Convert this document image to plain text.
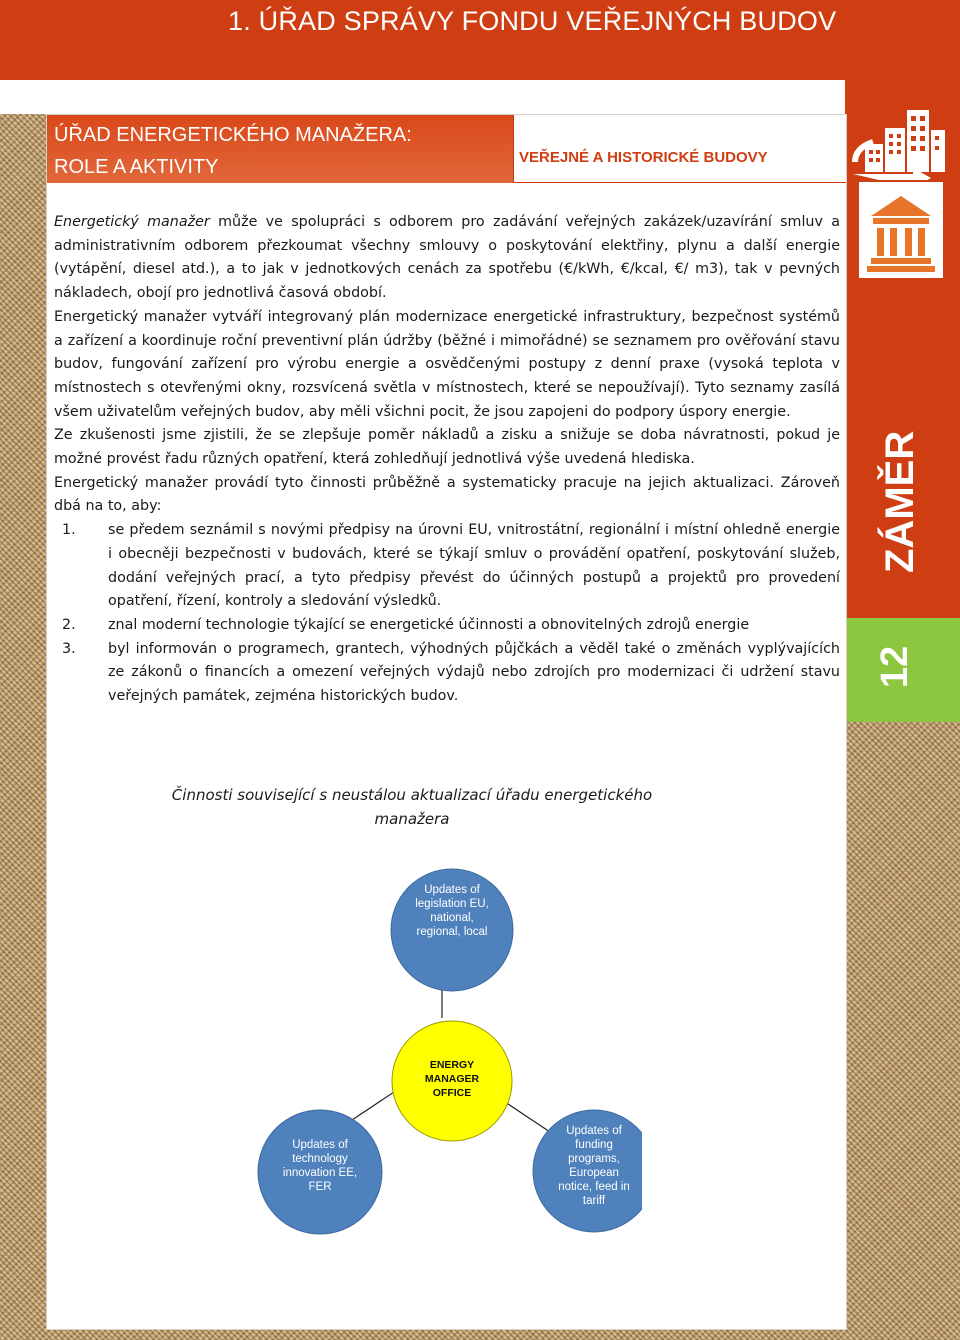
1. ÚŘAD SPRÁVY FONDU VEŘEJNÝCH BUDOV
ZÁMĚR
12
ÚŘAD ENERGETICKÉHO MANAŽERA:
ROLE A AKTIVITY	VEŘEJNÉ A HISTORICKÉ BUDOVY

Energetický manažer může ve spolupráci s odborem pro zadávání veřejných zakázek/uzavírání smluv a administrativním odborem přezkoumat všechny smlouvy o poskytování elektřiny, plynu a další energie (vytápění, diesel atd.), a to jak v jednotkových cenách za spotřebu (€/kWh, €/kcal, €/ m3), tak v pevných nákladech, obojí pro jednotlivá časová období.

Energetický manažer vytváří integrovaný plán modernizace energetické infrastruktury, bezpečnost systémů a zařízení a koordinuje roční preventivní plán údržby (běžné i mimořádné) se seznamem pro ověřování stavu budov, fungování zařízení pro výrobu energie a osvědčenými postupy z denní praxe (vysoká teplota v místnostech s otevřenými okny, rozsvícená světla v místnostech, které se nepoužívají). Tyto seznamy zasílá všem uživatelům veřejných budov, aby měli všichni pocit, že jsou zapojeni do podpory úspory energie.

Ze zkušenosti jsme zjistili, že se zlepšuje poměr nákladů a zisku a snižuje se doba návratnosti, pokud je možné provést řadu různých opatření, která zohledňují jednotlivá výše uvedená hlediska.

Energetický manažer provádí tyto činnosti průběžně a systematicky pracuje na jejich aktualizaci. Zároveň dbá na to, aby:

1. se předem seznámil s novými předpisy na úrovni EU, vnitrostátní, regionální i místní ohledně energie i obecněji bezpečnosti v budovách, které se týkají smluv o provádění opatření, poskytování služeb, dodání veřejných prací, a tyto předpisy převést do účinných postupů a projektů pro provedení opatření, řízení, kontroly a sledování výsledků.
2. znal moderní technologie týkající se energetické účinnosti a obnovitelných zdrojů energie
3. byl informován o programech, grantech, výhodných půjčkách a věděl také o změnách vyplývajících ze zákonů o financích a omezení veřejných výdajů nebo zdrojích pro modernizaci či udržení stavu veřejných památek, zejména historických budov.
Činnosti související s neustálou aktualizací úřadu energetického
manažera
Updates of
legislation EU,
national,
regional, local
ENERGY
MANAGER
OFFICE
Updates of
technology
innovation EE,
FER
Updates of
funding
programs,
European
notice, feed in
tariff
